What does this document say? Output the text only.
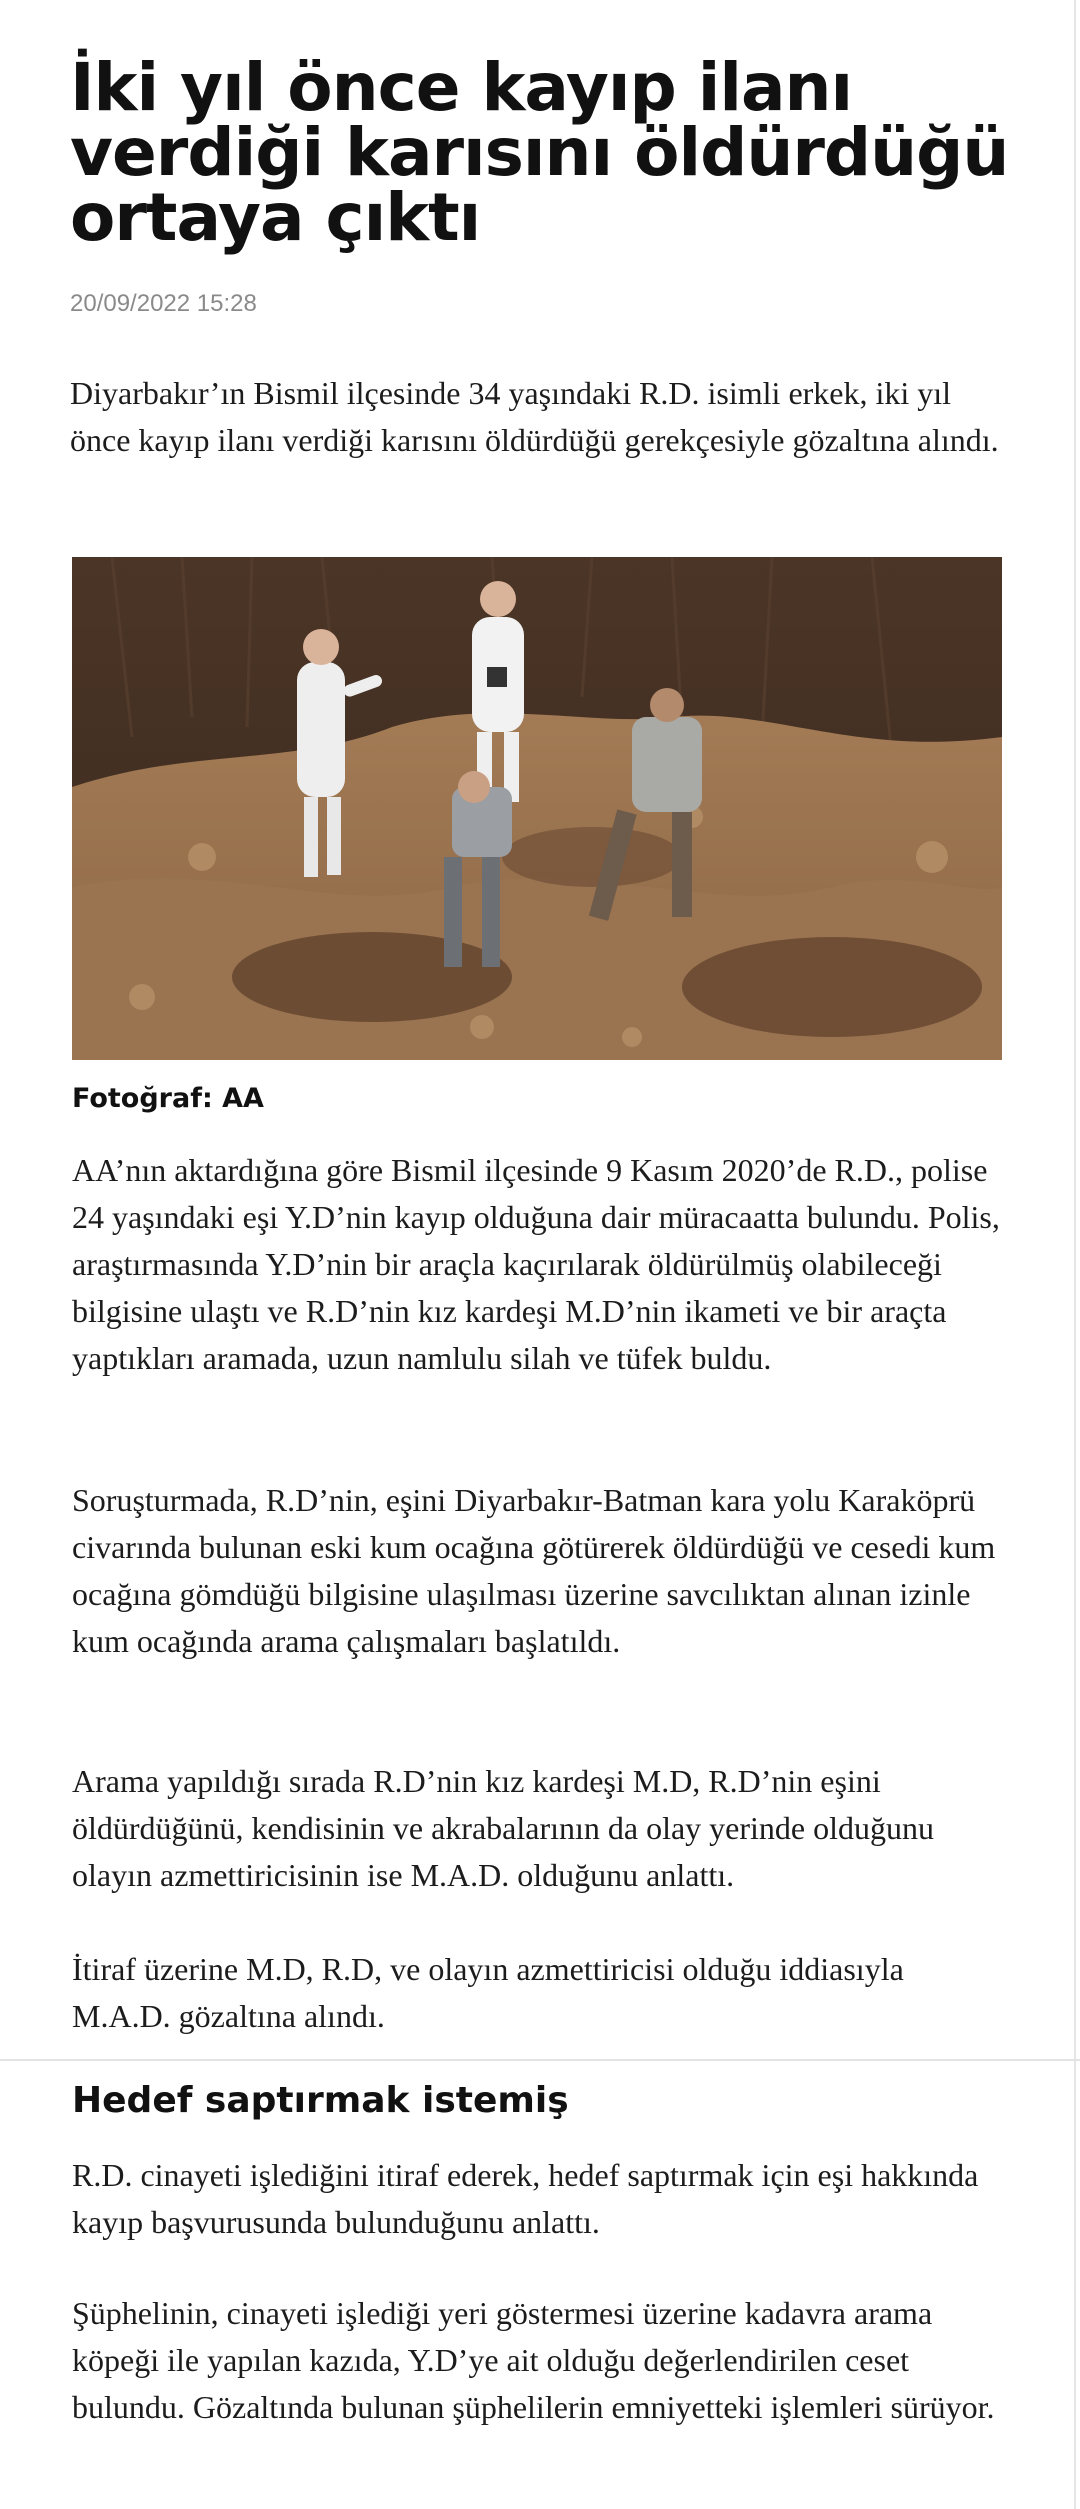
İki yıl önce kayıp ilanı verdiği karısını öldürdüğü ortaya çıktı
20/09/2022 15:28

Diyarbakır’ın Bismil ilçesinde 34 yaşındaki R.D. isimli erkek, iki yıl önce kayıp ilanı verdiği karısını öldürdüğü gerekçesiyle gözaltına alındı.

Fotoğraf: AA

AA’nın aktardığına göre Bismil ilçesinde 9 Kasım 2020’de R.D., polise 24 yaşındaki eşi Y.D’nin kayıp olduğuna dair müracaatta bulundu. Polis, araştırmasında Y.D’nin bir araçla kaçırılarak öldürülmüş olabileceği bilgisine ulaştı ve R.D’nin kız kardeşi M.D’nin ikameti ve bir araçta yaptıkları aramada, uzun namlulu silah ve tüfek buldu.

Soruşturmada, R.D’nin, eşini Diyarbakır-Batman kara yolu Karaköprü civarında bulunan eski kum ocağına götürerek öldürdüğü ve cesedi kum ocağına gömdüğü bilgisine ulaşılması üzerine savcılıktan alınan izinle kum ocağında arama çalışmaları başlatıldı.

Arama yapıldığı sırada R.D’nin kız kardeşi M.D, R.D’nin eşini öldürdüğünü, kendisinin ve akrabalarının da olay yerinde olduğunu olayın azmettiricisinin ise M.A.D. olduğunu anlattı.

İtiraf üzerine M.D, R.D, ve olayın azmettiricisi olduğu iddiasıyla M.A.D. gözaltına alındı.

Hedef saptırmak istemiş

R.D. cinayeti işlediğini itiraf ederek, hedef saptırmak için eşi hakkında kayıp başvurusunda bulunduğunu anlattı.

Şüphelinin, cinayeti işlediği yeri göstermesi üzerine kadavra arama köpeği ile yapılan kazıda, Y.D’ye ait olduğu değerlendirilen ceset bulundu. Gözaltında bulunan şüphelilerin emniyetteki işlemleri sürüyor.
